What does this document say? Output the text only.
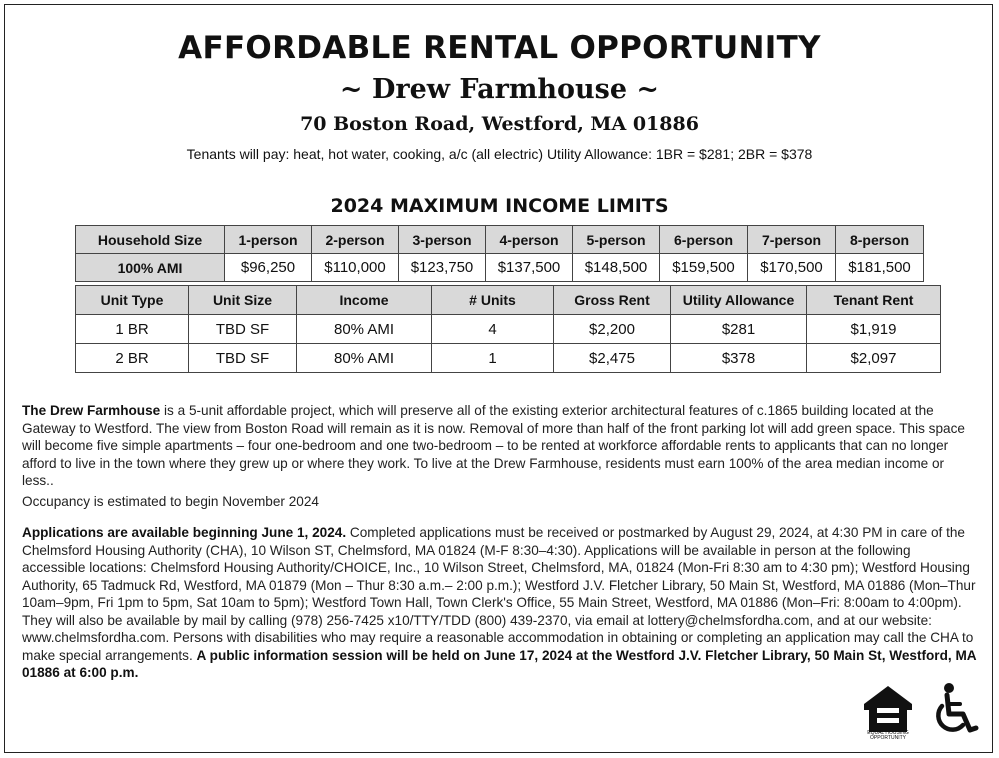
AFFORDABLE RENTAL OPPORTUNITY
~ Drew Farmhouse ~
70 Boston Road, Westford, MA 01886
Tenants will pay: heat, hot water, cooking, a/c (all electric) Utility Allowance: 1BR = $281; 2BR = $378
2024 MAXIMUM INCOME LIMITS
Household Size	1-person	2-person	3-person	4-person	5-person	6-person	7-person	8-person
100% AMI	$96,250	$110,000	$123,750	$137,500	$148,500	$159,500	$170,500	$181,500
Unit Type	Unit Size	Income	# Units	Gross Rent	Utility Allowance	Tenant Rent
1 BR	TBD SF	80% AMI	4	$2,200	$281	$1,919
2 BR	TBD SF	80% AMI	1	$2,475	$378	$2,097
The Drew Farmhouse is a 5-unit affordable project, which will preserve all of the existing exterior architectural features of c.1865 building located at the Gateway to Westford. The view from Boston Road will remain as it is now. Removal of more than half of the front parking lot will add green space. This space will become five simple apartments – four one-bedroom and one two-bedroom – to be rented at workforce affordable rents to applicants that can no longer afford to live in the town where they grew up or where they work. To live at the Drew Farmhouse, residents must earn 100% of the area median income or less..
Occupancy is estimated to begin November 2024
Applications are available beginning June 1, 2024. Completed applications must be received or postmarked by August 29, 2024, at 4:30 PM in care of the Chelmsford Housing Authority (CHA), 10 Wilson ST, Chelmsford, MA 01824 (M-F 8:30–4:30). Applications will be available in person at the following accessible locations: Chelmsford Housing Authority/CHOICE, Inc., 10 Wilson Street, Chelmsford, MA, 01824 (Mon-Fri 8:30 am to 4:30 pm); Westford Housing Authority, 65 Tadmuck Rd, Westford, MA 01879 (Mon – Thur 8:30 a.m.– 2:00 p.m.); Westford J.V. Fletcher Library, 50 Main St, Westford, MA 01886 (Mon–Thur 10am–9pm, Fri 1pm to 5pm, Sat 10am to 5pm); Westford Town Hall, Town Clerk's Office, 55 Main Street, Westford, MA 01886 (Mon–Fri: 8:00am to 4:00pm). They will also be available by mail by calling (978) 256-7425 x10/TTY/TDD (800) 439-2370, via email at lottery@chelmsfordha.com, and at our website: www.chelmsfordha.com. Persons with disabilities who may require a reasonable accommodation in obtaining or completing an application may call the CHA to make special arrangements. A public information session will be held on June 17, 2024 at the Westford J.V. Fletcher Library, 50 Main St, Westford, MA 01886 at 6:00 p.m.
EQUAL HOUSING OPPORTUNITY
